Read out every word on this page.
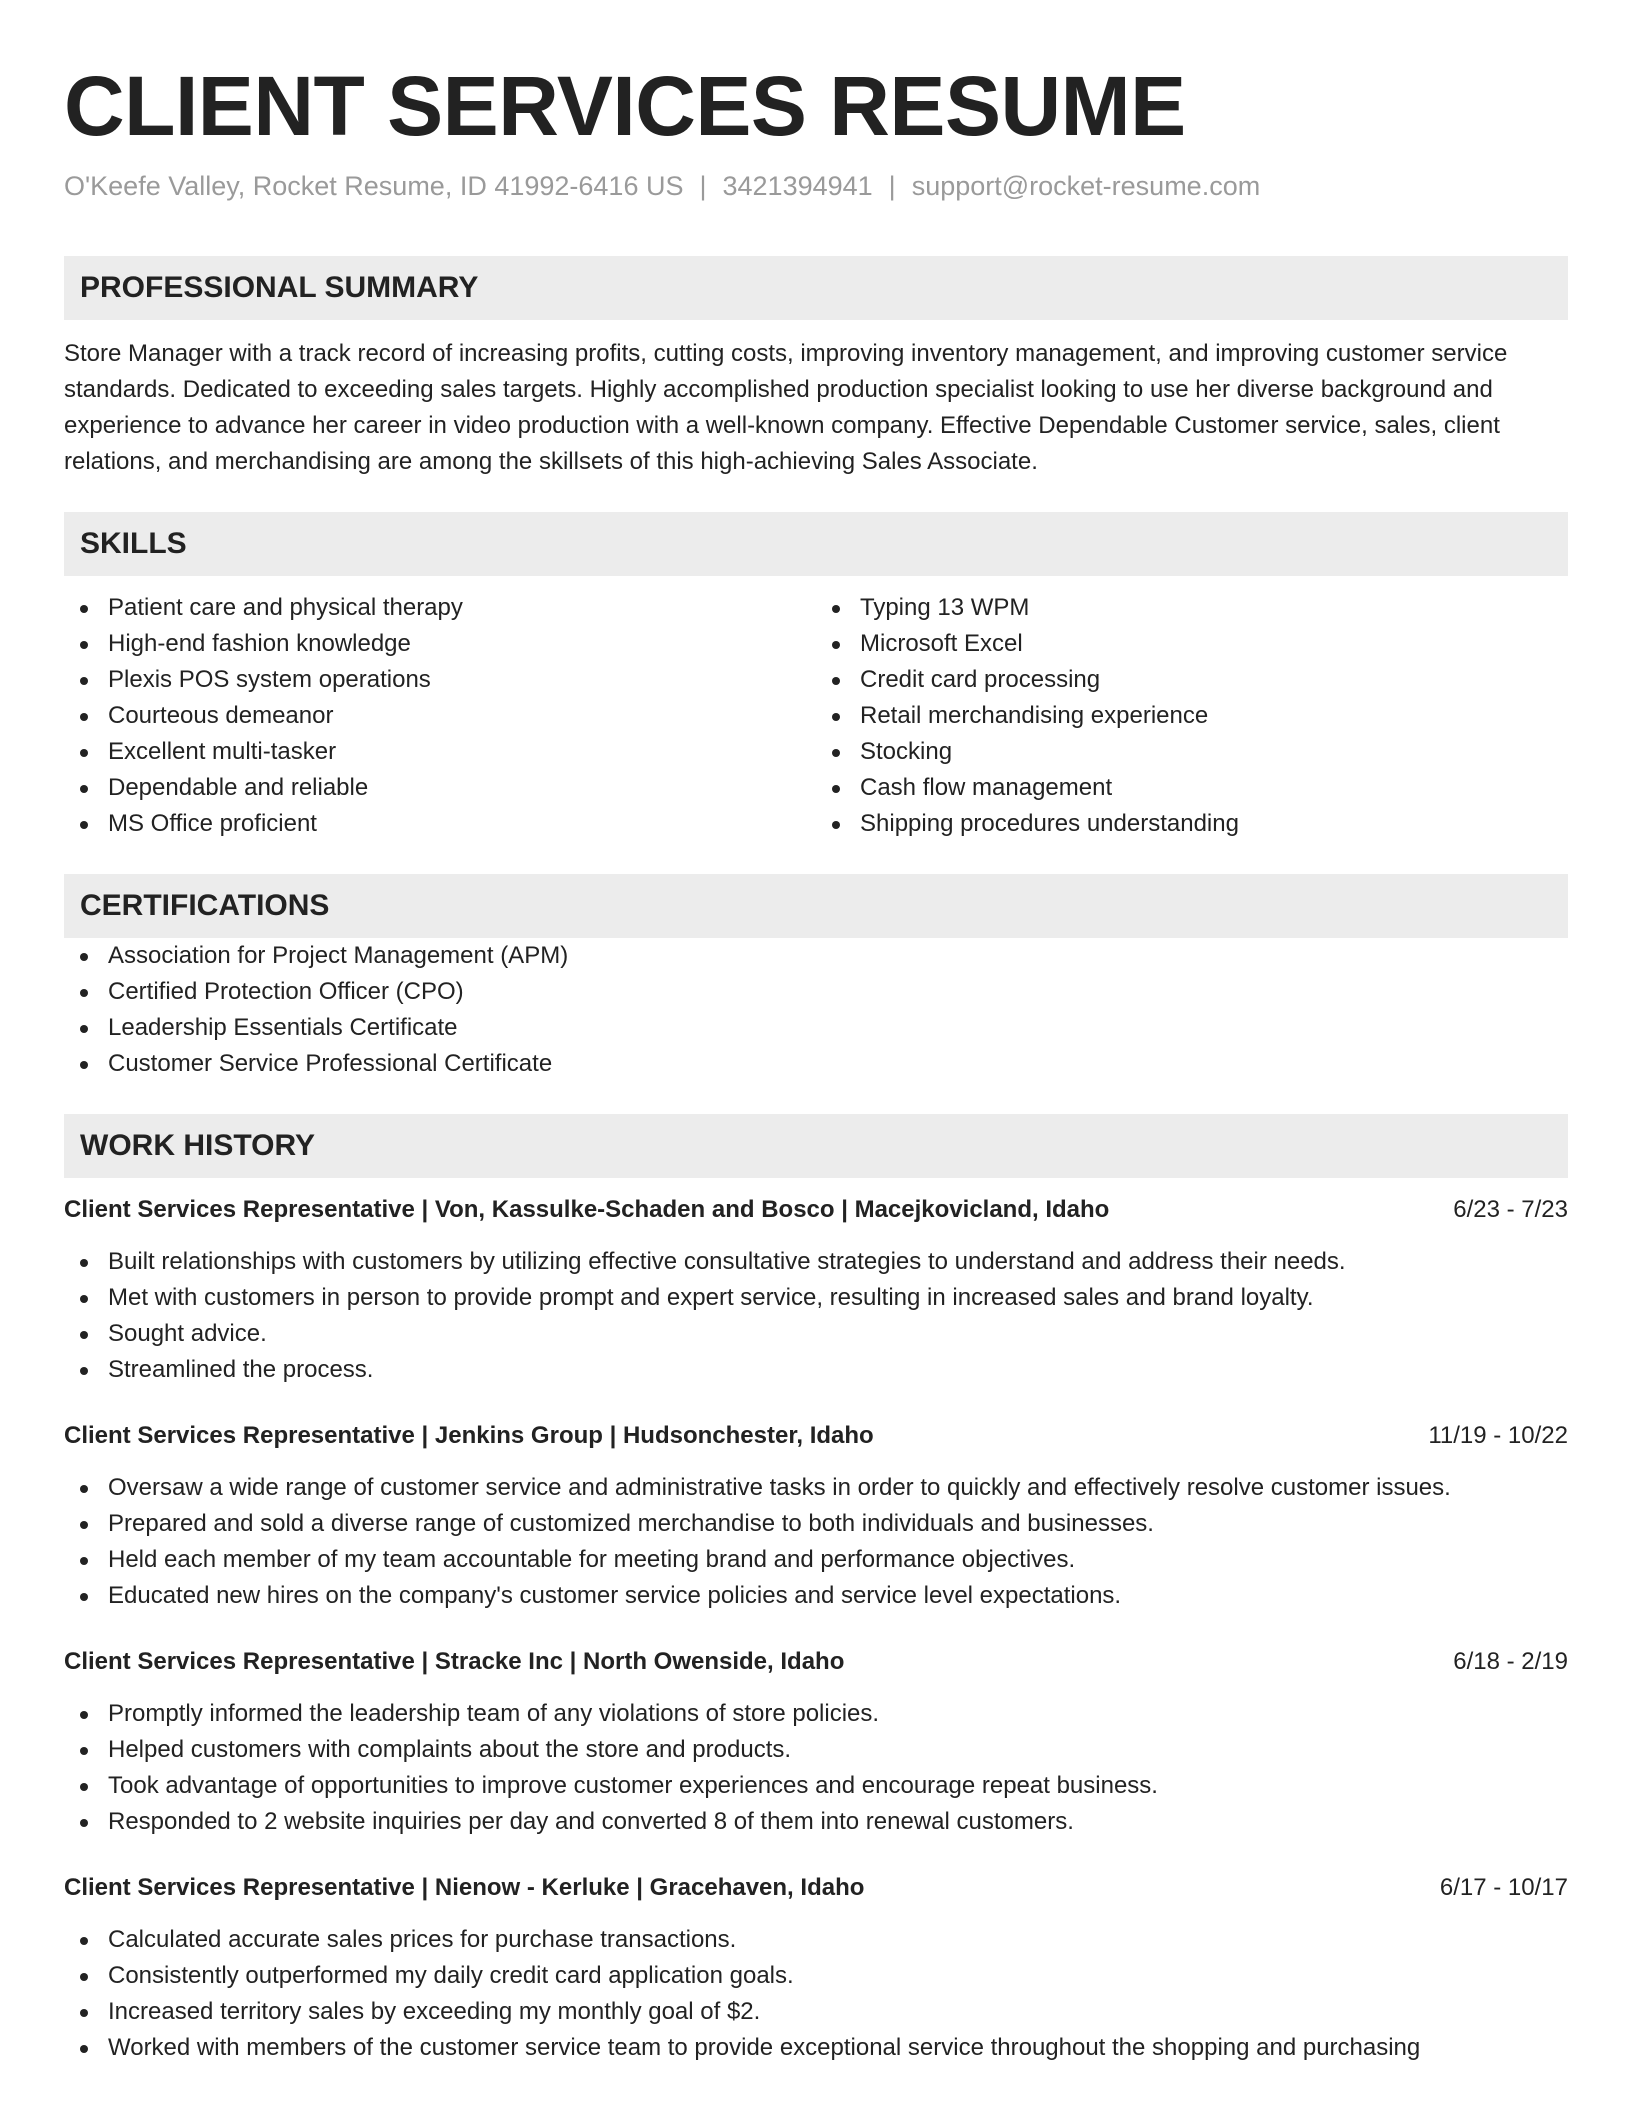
CLIENT SERVICES RESUME
O'Keefe Valley, Rocket Resume, ID 41992-6416 US | 3421394941 | support@rocket-resume.com
PROFESSIONAL SUMMARY
Store Manager with a track record of increasing profits, cutting costs, improving inventory management, and improving customer service standards. Dedicated to exceeding sales targets. Highly accomplished production specialist looking to use her diverse background and experience to advance her career in video production with a well-known company. Effective Dependable Customer service, sales, client relations, and merchandising are among the skillsets of this high-achieving Sales Associate.
SKILLS
Patient care and physical therapy
High-end fashion knowledge
Plexis POS system operations
Courteous demeanor
Excellent multi-tasker
Dependable and reliable
MS Office proficient
Typing 13 WPM
Microsoft Excel
Credit card processing
Retail merchandising experience
Stocking
Cash flow management
Shipping procedures understanding
CERTIFICATIONS
Association for Project Management (APM)
Certified Protection Officer (CPO)
Leadership Essentials Certificate
Customer Service Professional Certificate
WORK HISTORY
Client Services Representative | Von, Kassulke-Schaden and Bosco | Macejkovicland, Idaho	6/23 - 7/23
Built relationships with customers by utilizing effective consultative strategies to understand and address their needs.
Met with customers in person to provide prompt and expert service, resulting in increased sales and brand loyalty.
Sought advice.
Streamlined the process.
Client Services Representative | Jenkins Group | Hudsonchester, Idaho	11/19 - 10/22
Oversaw a wide range of customer service and administrative tasks in order to quickly and effectively resolve customer issues.
Prepared and sold a diverse range of customized merchandise to both individuals and businesses.
Held each member of my team accountable for meeting brand and performance objectives.
Educated new hires on the company's customer service policies and service level expectations.
Client Services Representative | Stracke Inc | North Owenside, Idaho	6/18 - 2/19
Promptly informed the leadership team of any violations of store policies.
Helped customers with complaints about the store and products.
Took advantage of opportunities to improve customer experiences and encourage repeat business.
Responded to 2 website inquiries per day and converted 8 of them into renewal customers.
Client Services Representative | Nienow - Kerluke | Gracehaven, Idaho	6/17 - 10/17
Calculated accurate sales prices for purchase transactions.
Consistently outperformed my daily credit card application goals.
Increased territory sales by exceeding my monthly goal of $2.
Worked with members of the customer service team to provide exceptional service throughout the shopping and purchasing
